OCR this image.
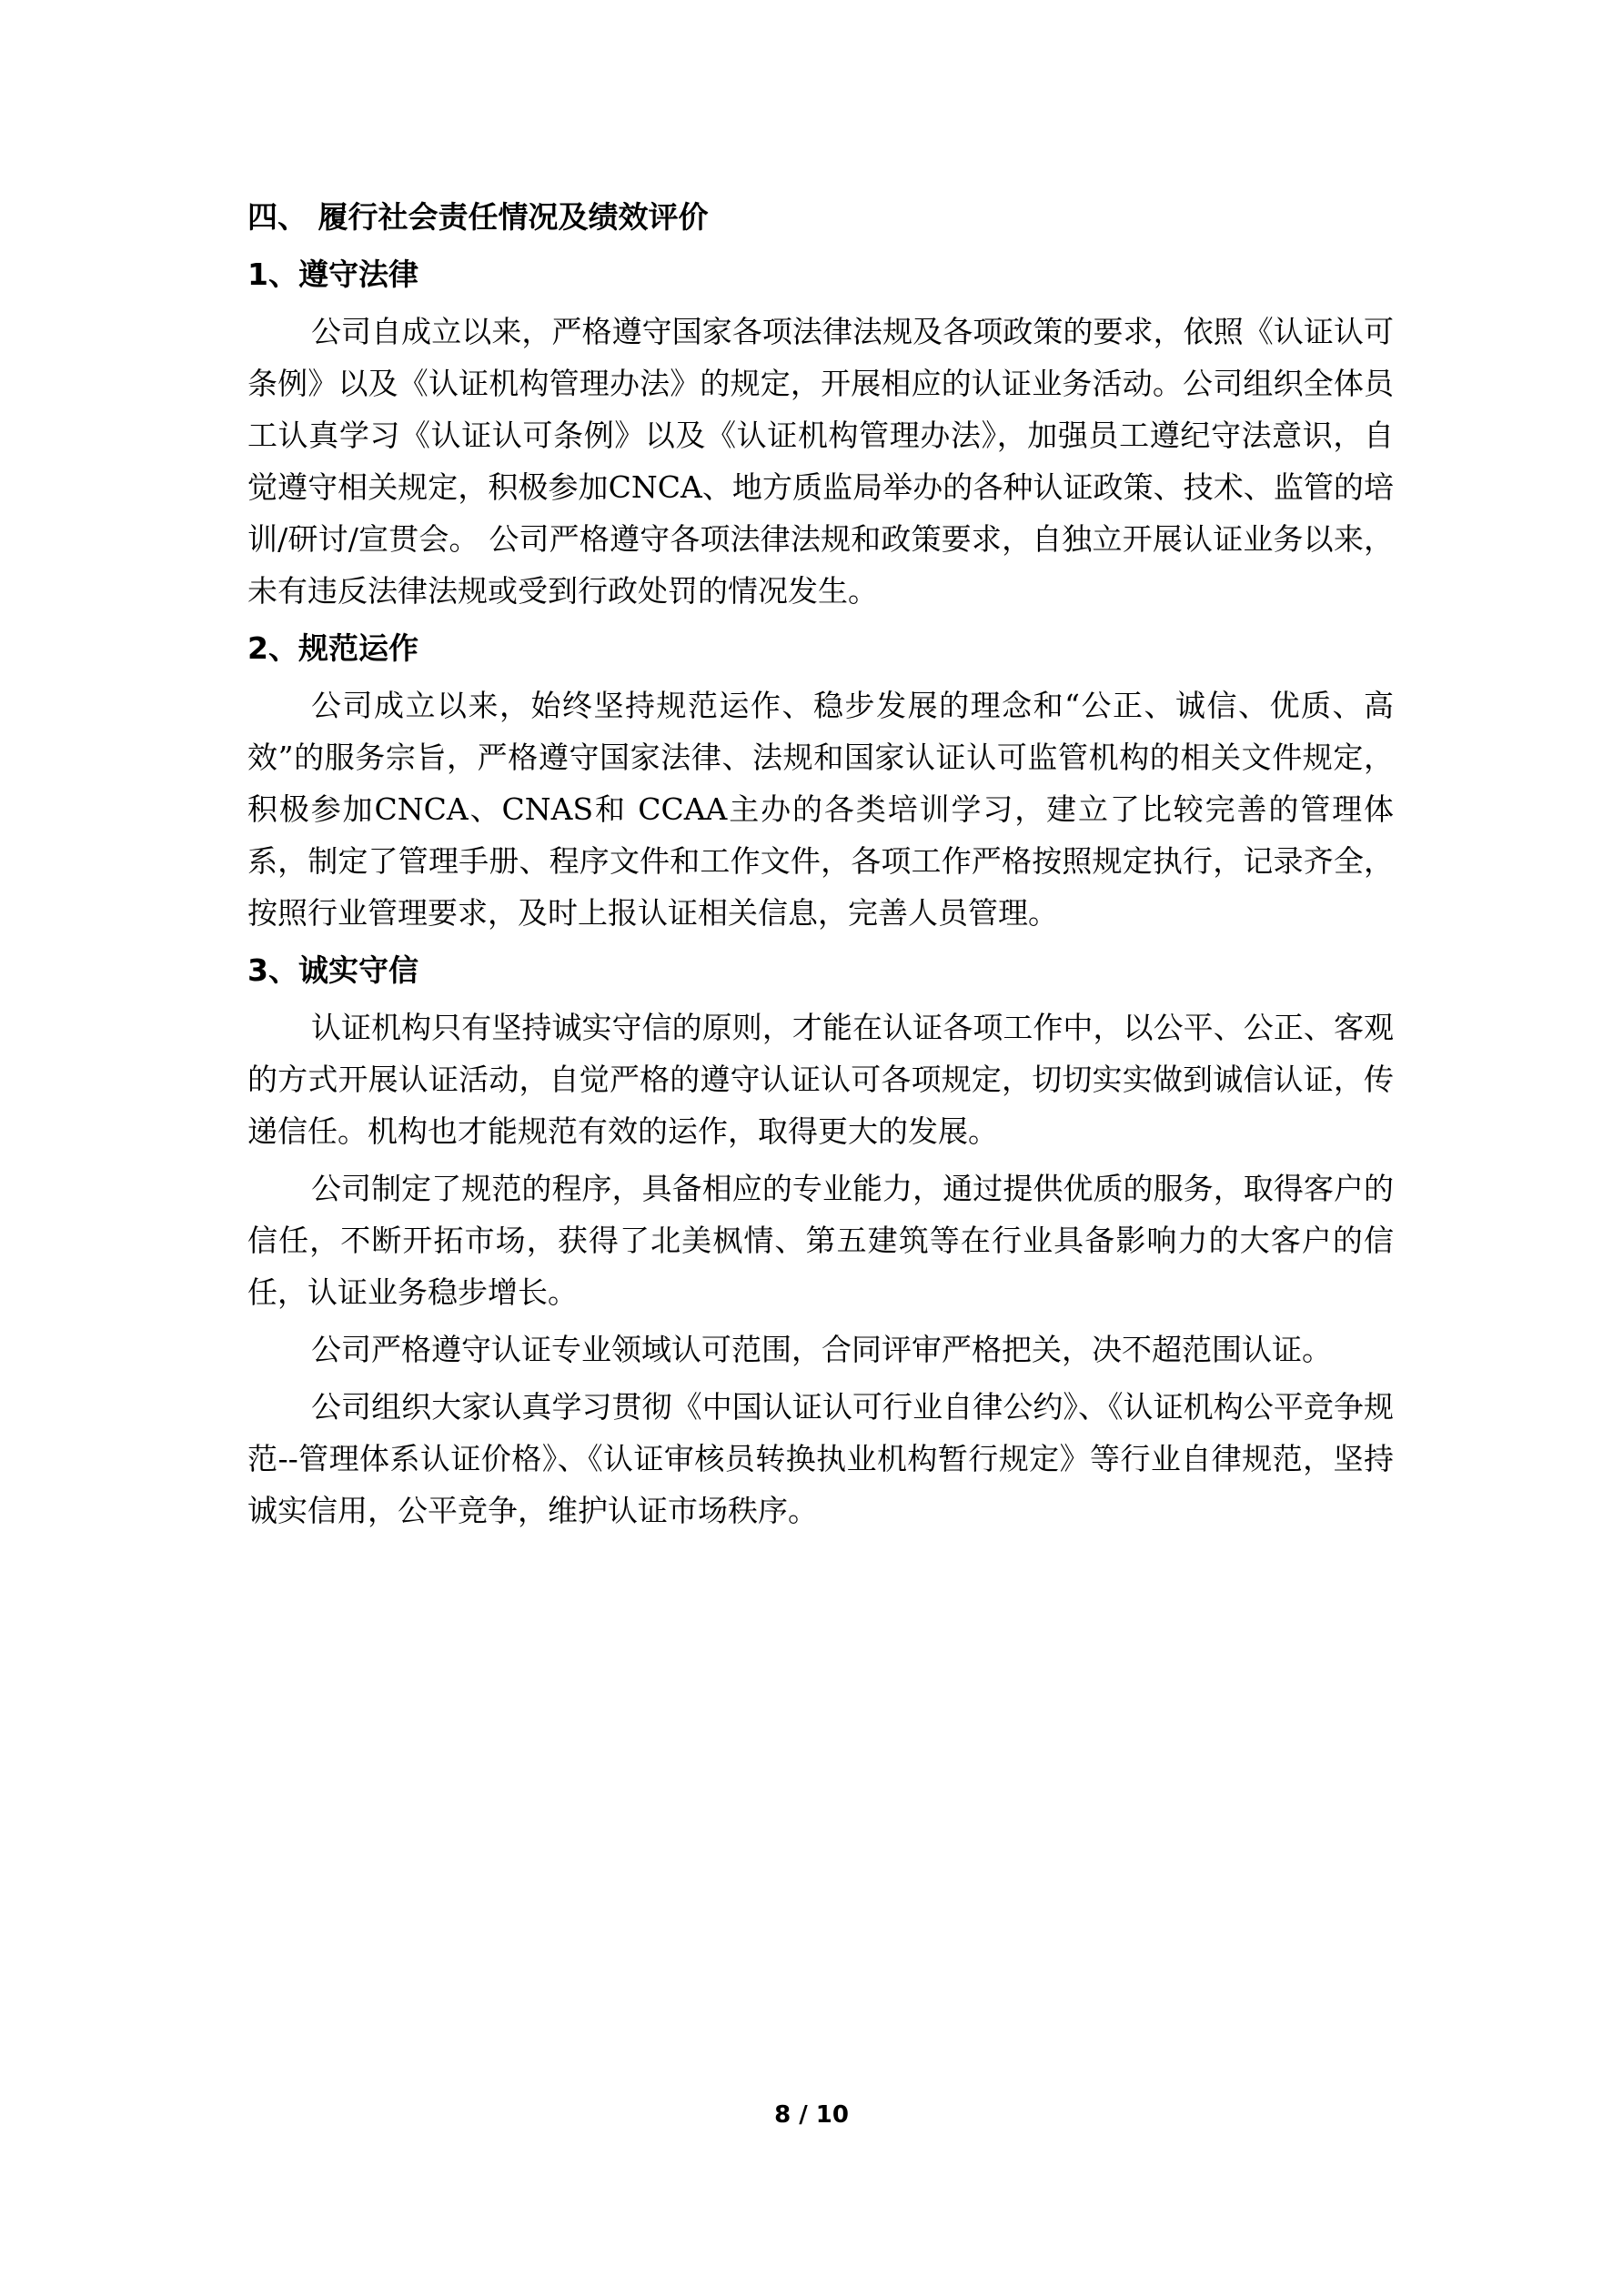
四、 履行社会责任情况及绩效评价
1、遵守法律

公司自成立以来，严格遵守国家各项法律法规及各项政策的要求，依照《认证认可条例》以及《认证机构管理办法》的规定，开展相应的认证业务活动。公司组织全体员工认真学习《认证认可条例》以及《认证机构管理办法》，加强员工遵纪守法意识，自觉遵守相关规定，积极参加CNCA、地方质监局举办的各种认证政策、技术、监管的培训/研讨/宣贯会。 公司严格遵守各项法律法规和政策要求，自独立开展认证业务以来，未有违反法律法规或受到行政处罚的情况发生。

2、规范运作

公司成立以来，始终坚持规范运作、稳步发展的理念和“公正、诚信、优质、高效”的服务宗旨，严格遵守国家法律、法规和国家认证认可监管机构的相关文件规定，积极参加CNCA、CNAS和 CCAA主办的各类培训学习，建立了比较完善的管理体系，制定了管理手册、程序文件和工作文件，各项工作严格按照规定执行，记录齐全，按照行业管理要求，及时上报认证相关信息，完善人员管理。

3、诚实守信

认证机构只有坚持诚实守信的原则，才能在认证各项工作中，以公平、公正、客观的方式开展认证活动，自觉严格的遵守认证认可各项规定，切切实实做到诚信认证，传递信任。机构也才能规范有效的运作，取得更大的发展。

公司制定了规范的程序，具备相应的专业能力，通过提供优质的服务，取得客户的信任，不断开拓市场，获得了北美枫情、第五建筑等在行业具备影响力的大客户的信任，认证业务稳步增长。

公司严格遵守认证专业领域认可范围，合同评审严格把关，决不超范围认证。

公司组织大家认真学习贯彻《中国认证认可行业自律公约》、《认证机构公平竞争规范--管理体系认证价格》、《认证审核员转换执业机构暂行规定》等行业自律规范，坚持诚实信用，公平竞争，维护认证市场秩序。

8 / 10
